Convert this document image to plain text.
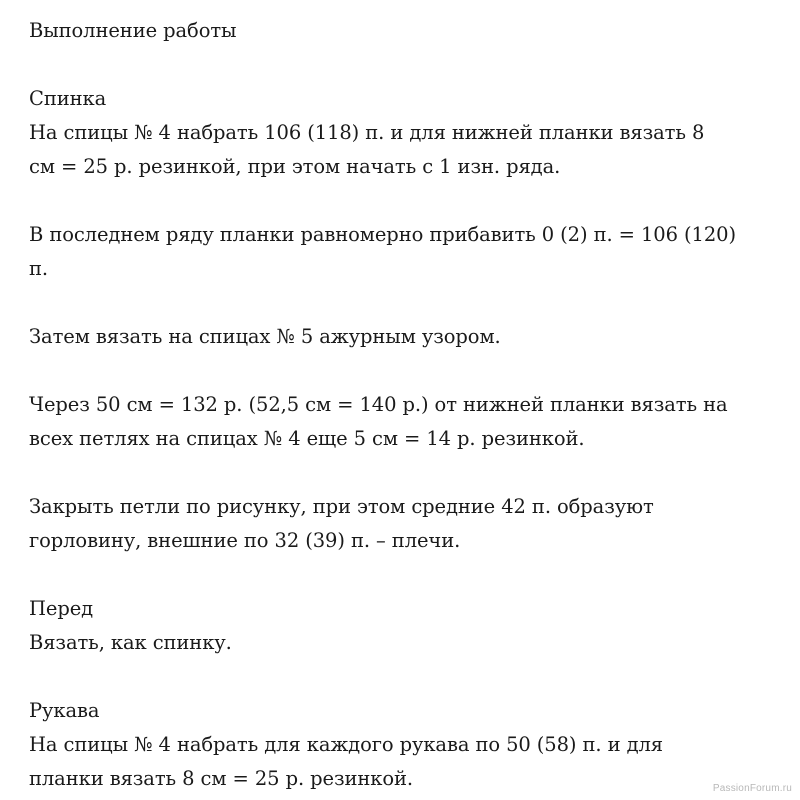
Выполнение работы
Спинка
На спицы № 4 набрать 106 (118) п. и для нижней планки вязать 8
см = 25 р. резинкой, при этом начать с 1 изн. ряда.
В последнем ряду планки равномерно прибавить 0 (2) п. = 106 (120)
п.
Затем вязать на спицах № 5 ажурным узором.
Через 50 см = 132 р. (52,5 см = 140 р.) от нижней планки вязать на
всех петлях на спицах № 4 еще 5 см = 14 р. резинкой.
Закрыть петли по рисунку, при этом средние 42 п. образуют
горловину, внешние по 32 (39) п. – плечи.
Перед
Вязать, как спинку.
Рукава
На спицы № 4 набрать для каждого рукава по 50 (58) п. и для
планки вязать 8 см = 25 р. резинкой.	PassionForum.ru
